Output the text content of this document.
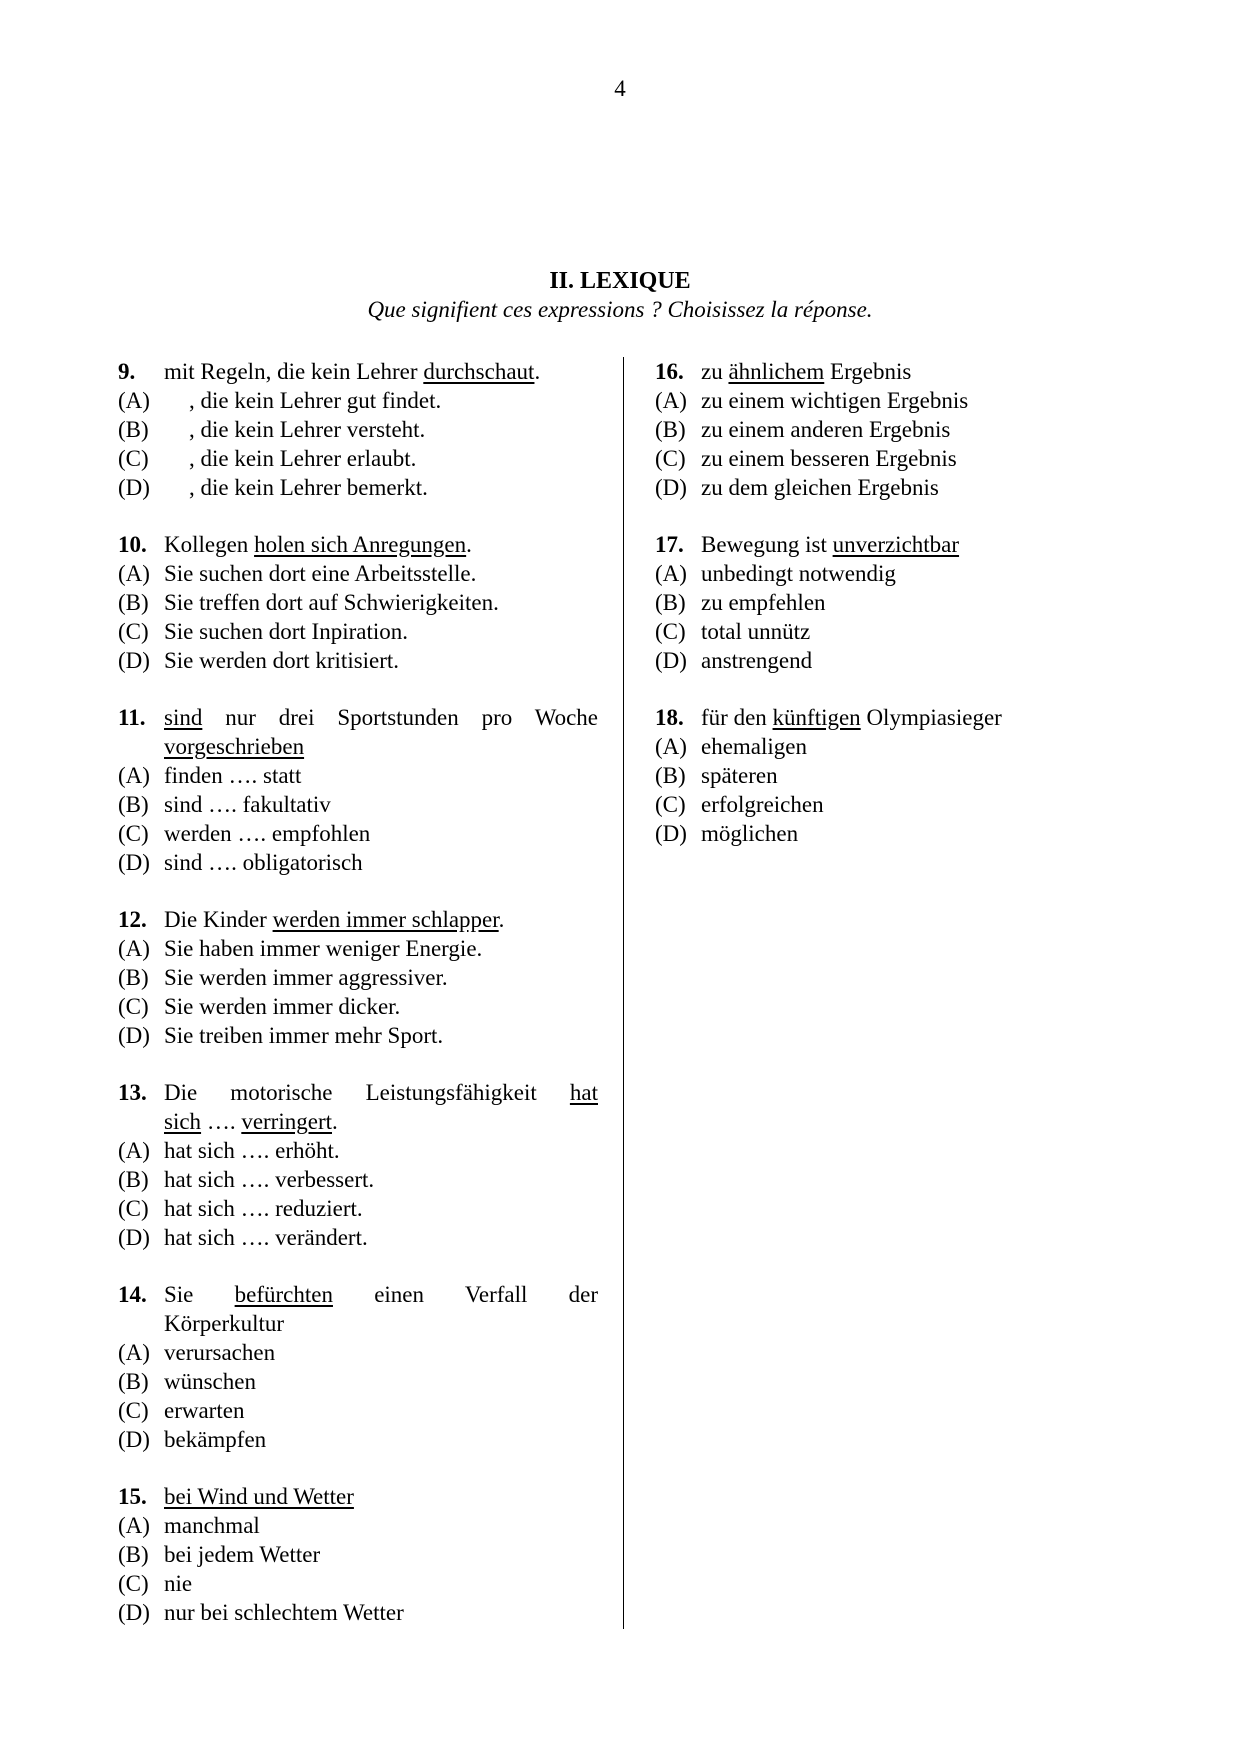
4
II. LEXIQUE
Que signifient ces expressions ? Choisissez la réponse.
9.	mit Regeln, die kein Lehrer durchschaut.
(A)	, die kein Lehrer gut findet.
(B)	, die kein Lehrer versteht.
(C)	, die kein Lehrer erlaubt.
(D)	, die kein Lehrer bemerkt.
10. Kollegen holen sich Anregungen.
(A) Sie suchen dort eine Arbeitsstelle.
(B) Sie treffen dort auf Schwierigkeiten.
(C) Sie suchen dort Inpiration.
(D) Sie werden dort kritisiert.
11. sind nur drei Sportstunden pro Woche
vorgeschrieben
(A) finden …. statt
(B) sind …. fakultativ
(C) werden …. empfohlen
(D) sind …. obligatorisch
12. Die Kinder werden immer schlapper.
(A) Sie haben immer weniger Energie.
(B) Sie werden immer aggressiver.
(C) Sie werden immer dicker.
(D) Sie treiben immer mehr Sport.
13. Die motorische Leistungsfähigkeit hat
sich …. verringert.
(A) hat sich …. erhöht.
(B) hat sich …. verbessert.
(C) hat sich …. reduziert.
(D) hat sich …. verändert.
14. Sie befürchten einen Verfall der
Körperkultur
(A) verursachen
(B) wünschen
(C) erwarten
(D) bekämpfen
15. bei Wind und Wetter
(A) manchmal
(B) bei jedem Wetter
(C) nie
(D) nur bei schlechtem Wetter
16. zu ähnlichem Ergebnis
(A) zu einem wichtigen Ergebnis
(B) zu einem anderen Ergebnis
(C) zu einem besseren Ergebnis
(D) zu dem gleichen Ergebnis
17. Bewegung ist unverzichtbar
(A) unbedingt notwendig
(B) zu empfehlen
(C) total unnütz
(D) anstrengend
18. für den künftigen Olympiasieger
(A) ehemaligen
(B) späteren
(C) erfolgreichen
(D) möglichen
